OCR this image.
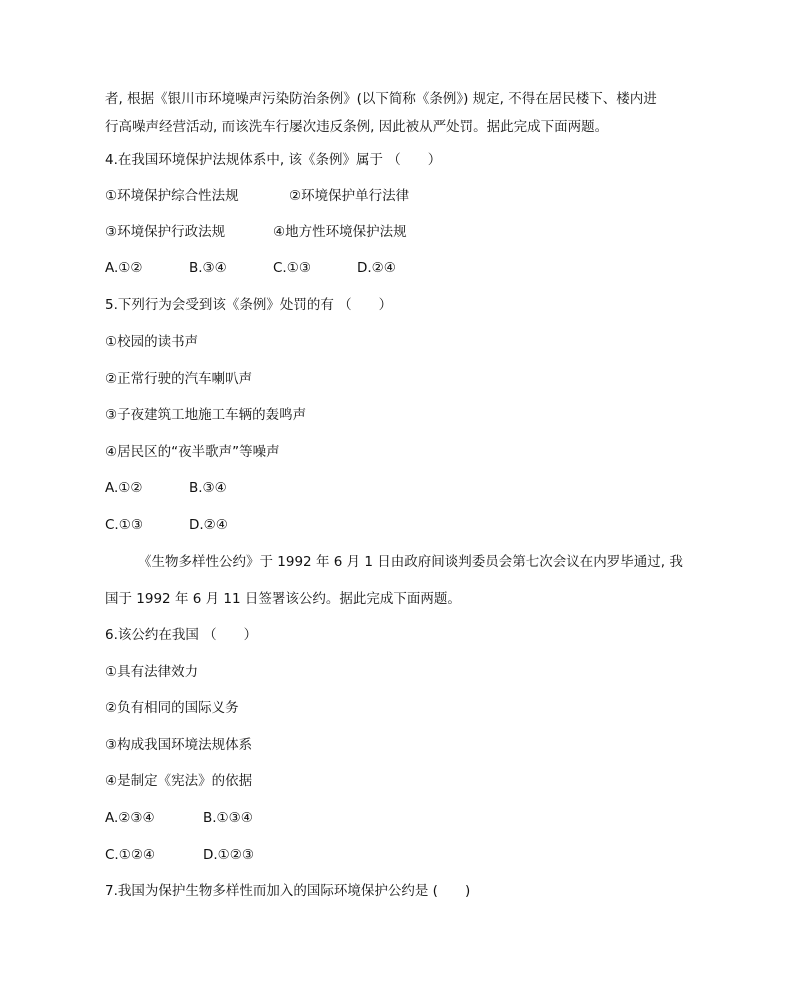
者, 根据《银川市环境噪声污染防治条例》(以下简称《条例》) 规定, 不得在居民楼下、楼内进
行高噪声经营活动, 而该洗车行屡次违反条例, 因此被从严处罚。据此完成下面两题。
4.在我国环境保护法规体系中, 该《条例》属于 （　　）
①环境保护综合性法规	②环境保护单行法律
③环境保护行政法规	④地方性环境保护法规
A.①②	B.③④	C.①③	D.②④
5.下列行为会受到该《条例》处罚的有 （　　）
①校园的读书声
②正常行驶的汽车喇叭声
③子夜建筑工地施工车辆的轰鸣声
④居民区的“夜半歌声”等噪声
A.①②	B.③④
C.①③	D.②④
《生物多样性公约》于 1992 年 6 月 1 日由政府间谈判委员会第七次会议在内罗毕通过, 我
国于 1992 年 6 月 11 日签署该公约。据此完成下面两题。
6.该公约在我国 （　　）
①具有法律效力
②负有相同的国际义务
③构成我国环境法规体系
④是制定《宪法》的依据
A.②③④	B.①③④
C.①②④	D.①②③
7.我国为保护生物多样性而加入的国际环境保护公约是 (　　)
